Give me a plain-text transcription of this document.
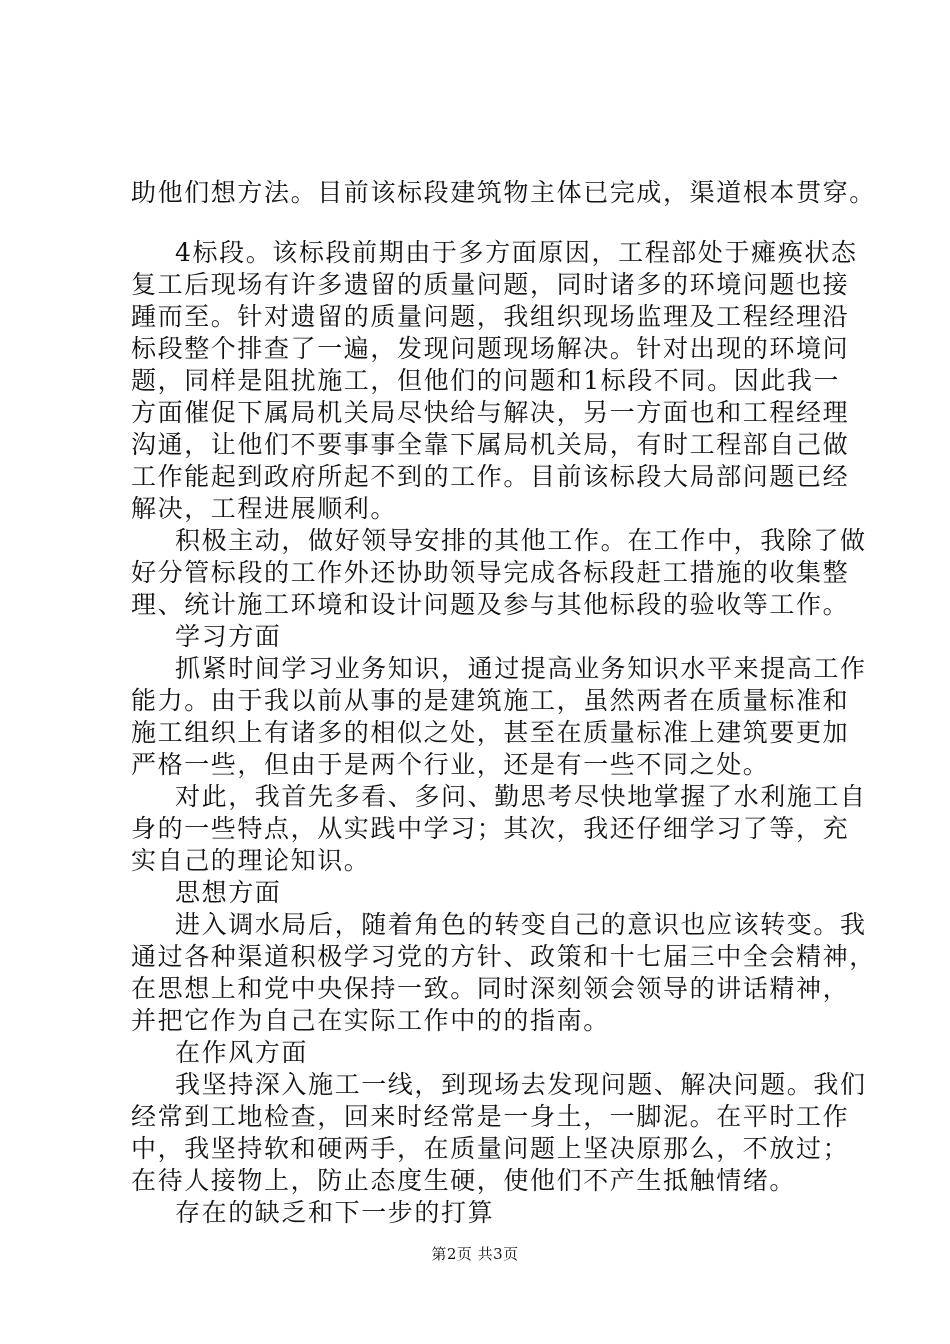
助他们想方法。目前该标段建筑物主体已完成，渠道根本贯穿。
4标段。该标段前期由于多方面原因，工程部处于瘫痪状态
复工后现场有许多遗留的质量问题，同时诸多的环境问题也接
踵而至。针对遗留的质量问题，我组织现场监理及工程经理沿
标段整个排查了一遍，发现问题现场解决。针对出现的环境问
题，同样是阻扰施工，但他们的问题和1标段不同。因此我一
方面催促下属局机关局尽快给与解决，另一方面也和工程经理
沟通，让他们不要事事全靠下属局机关局，有时工程部自己做
工作能起到政府所起不到的工作。目前该标段大局部问题已经
解决，工程进展顺利。
积极主动，做好领导安排的其他工作。在工作中，我除了做
好分管标段的工作外还协助领导完成各标段赶工措施的收集整
理、统计施工环境和设计问题及参与其他标段的验收等工作。
学习方面
抓紧时间学习业务知识，通过提高业务知识水平来提高工作
能力。由于我以前从事的是建筑施工，虽然两者在质量标准和
施工组织上有诸多的相似之处，甚至在质量标准上建筑要更加
严格一些，但由于是两个行业，还是有一些不同之处。
对此，我首先多看、多问、勤思考尽快地掌握了水利施工自
身的一些特点，从实践中学习；其次，我还仔细学习了等，充
实自己的理论知识。
思想方面
进入调水局后，随着角色的转变自己的意识也应该转变。我
通过各种渠道积极学习党的方针、政策和十七届三中全会精神，
在思想上和党中央保持一致。同时深刻领会领导的讲话精神，
并把它作为自己在实际工作中的的指南。
在作风方面
我坚持深入施工一线，到现场去发现问题、解决问题。我们
经常到工地检查，回来时经常是一身土，一脚泥。在平时工作
中，我坚持软和硬两手，在质量问题上坚决原那么，不放过；
在待人接物上，防止态度生硬，使他们不产生抵触情绪。
存在的缺乏和下一步的打算
第2页 共3页
